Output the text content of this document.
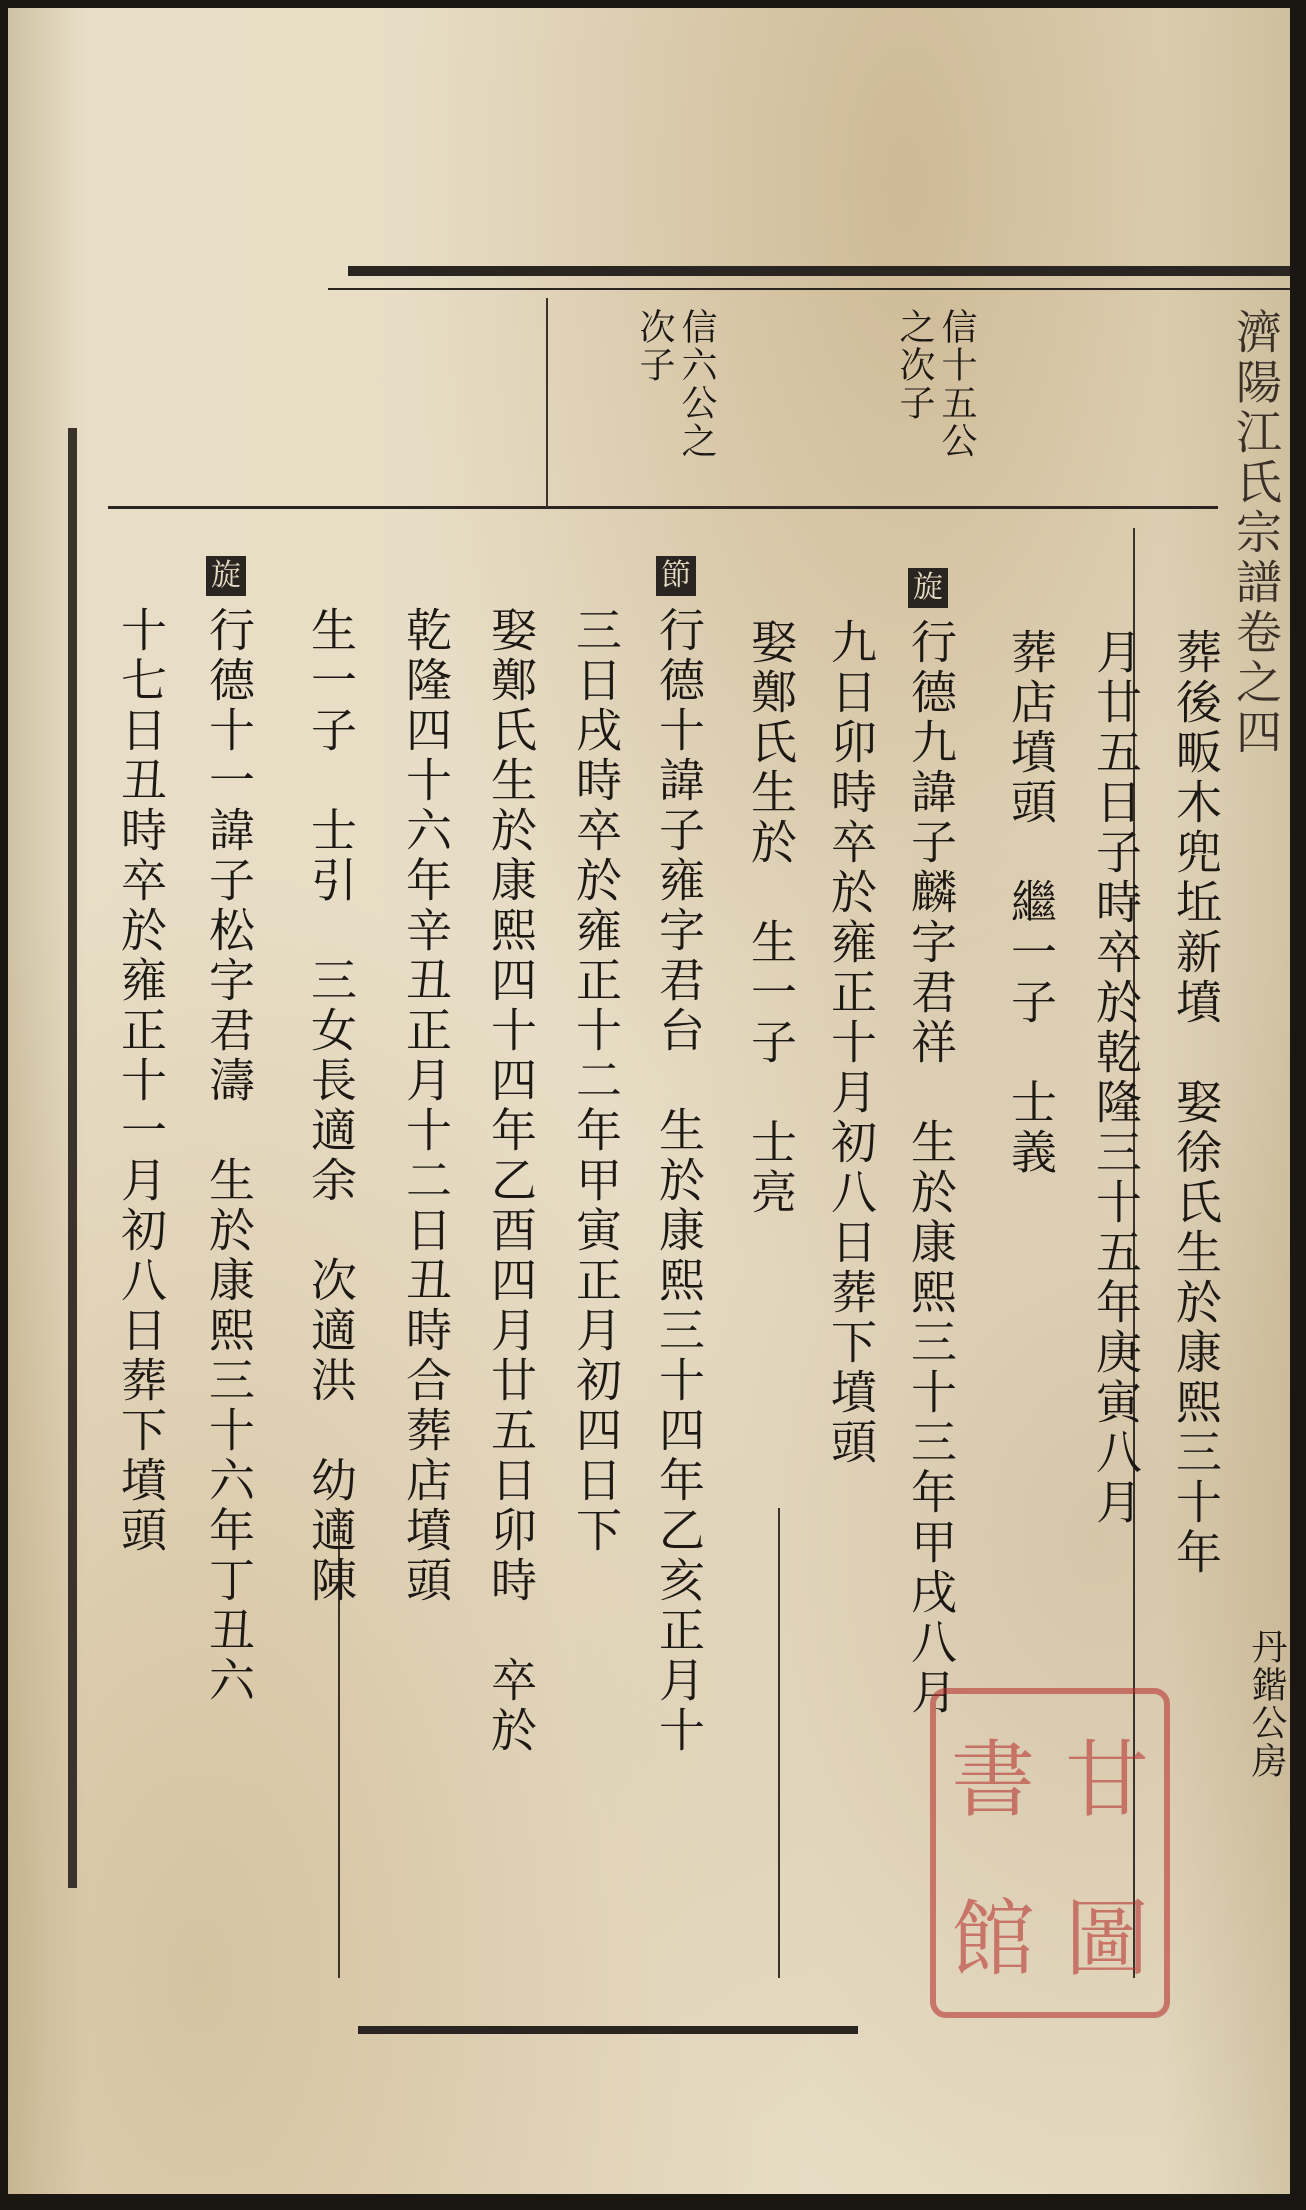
濟陽江氏宗譜卷之四
丹鍇公房
信十五公
之次子
信六公之
次子
葬後畈木兜坵新墳　娶徐氏生於康熙三十年
月廿五日子時卒於乾隆三十五年庚寅八月
葬店墳頭　繼一子　士義
旋
行德九諱子麟字君祥　生於康熙三十三年甲戌八月
九日卯時卒於雍正十月初八日葬下墳頭
娶鄭氏生於　生一子　士亮
節
行德十諱子雍字君台　生於康熙三十四年乙亥正月十
三日戌時卒於雍正十二年甲寅正月初四日下
娶鄭氏生於康熙四十四年乙酉四月廿五日卯時　卒於
乾隆四十六年辛丑正月十二日丑時合葬店墳頭
生一子　士引　三女長適余　次適洪　幼適陳
旋
行德十一諱子松字君濤　生於康熙三十六年丁丑六
十七日丑時卒於雍正十一月初八日葬下墳頭
書 甘
館 圖
